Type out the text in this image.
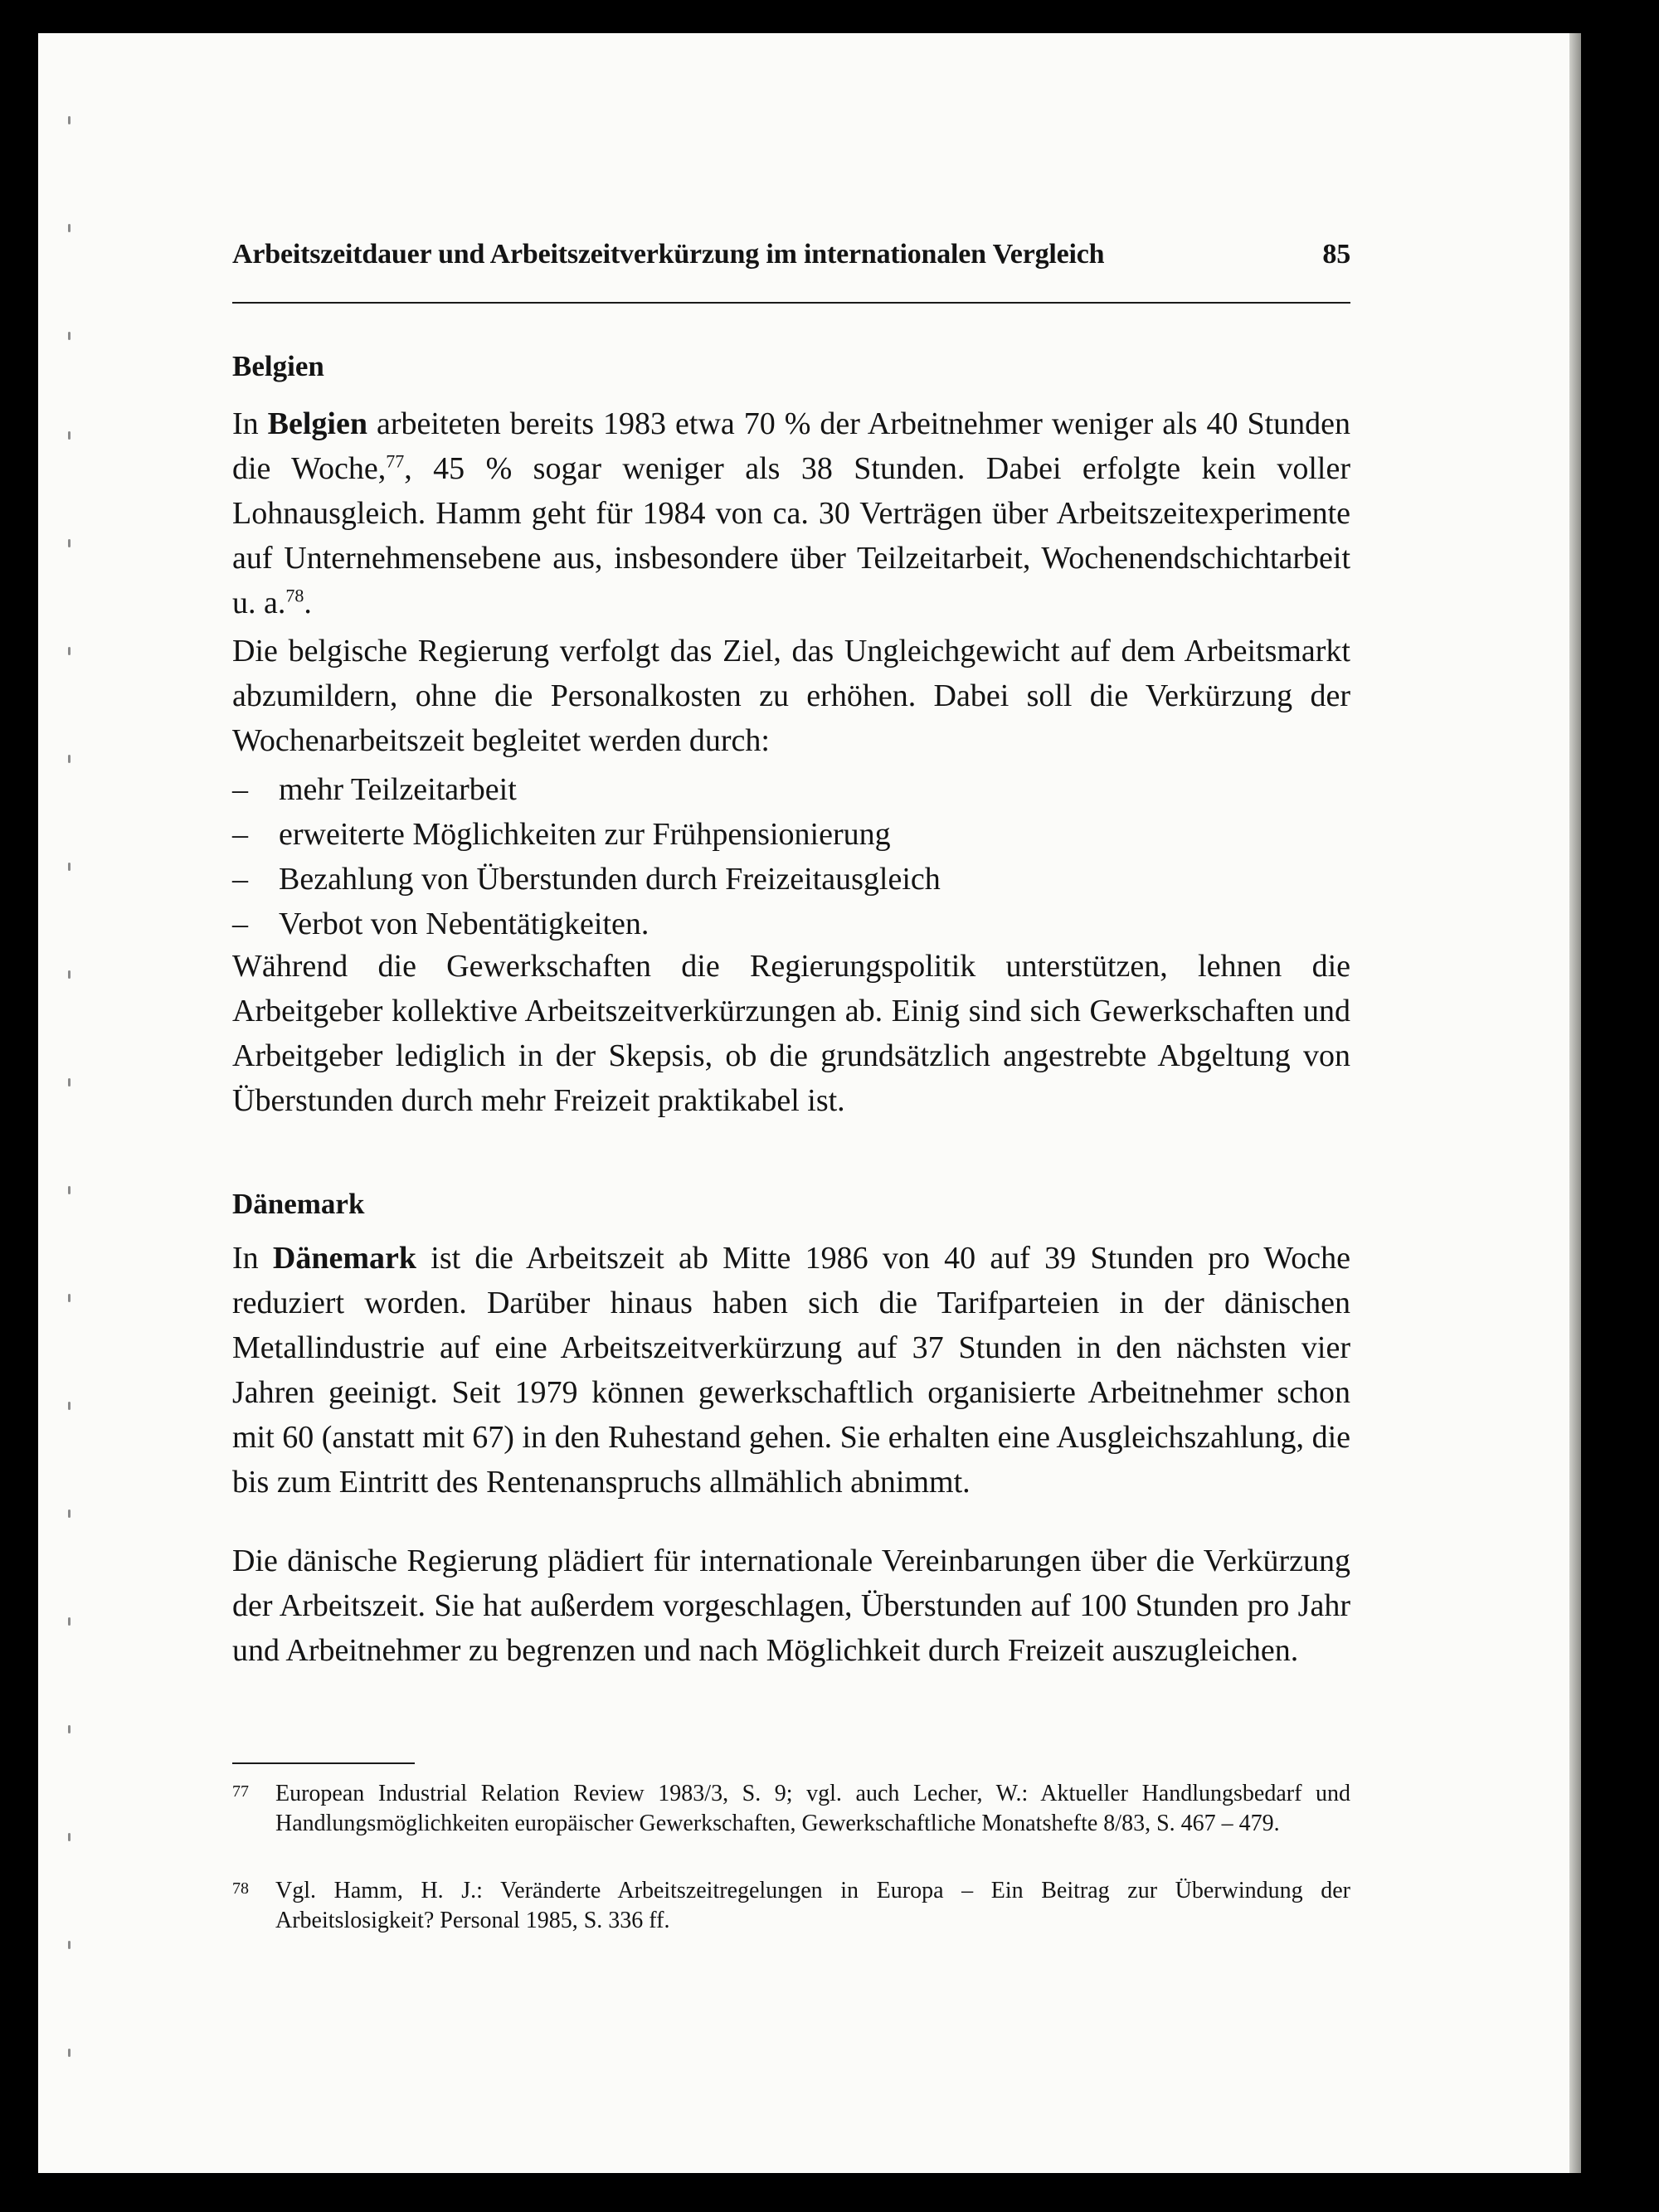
Arbeitszeitdauer und Arbeitszeitverkürzung im internationalen Vergleich	85
Belgien

In Belgien arbeiteten bereits 1983 etwa 70 % der Arbeitnehmer weniger als 40 Stunden die Woche,$^{77}$, 45 % sogar weniger als 38 Stunden. Dabei erfolgte kein voller Lohnausgleich. Hamm geht für 1984 von ca. 30 Verträgen über Arbeitszeitexperimente auf Unternehmensebene aus, insbesondere über Teilzeitarbeit, Wochenendschichtarbeit u. a.$^{78}$.

Die belgische Regierung verfolgt das Ziel, das Ungleichgewicht auf dem Arbeitsmarkt abzumildern, ohne die Personalkosten zu erhöhen. Dabei soll die Verkürzung der Wochenarbeitszeit begleitet werden durch:

– mehr Teilzeitarbeit
– erweiterte Möglichkeiten zur Frühpensionierung
– Bezahlung von Überstunden durch Freizeitausgleich
– Verbot von Nebentätigkeiten.

Während die Gewerkschaften die Regierungspolitik unterstützen, lehnen die Arbeitgeber kollektive Arbeitszeitverkürzungen ab. Einig sind sich Gewerkschaften und Arbeitgeber lediglich in der Skepsis, ob die grundsätzlich angestrebte Abgeltung von Überstunden durch mehr Freizeit praktikabel ist.

Dänemark

In Dänemark ist die Arbeitszeit ab Mitte 1986 von 40 auf 39 Stunden pro Woche reduziert worden. Darüber hinaus haben sich die Tarifparteien in der dänischen Metallindustrie auf eine Arbeitszeitverkürzung auf 37 Stunden in den nächsten vier Jahren geeinigt. Seit 1979 können gewerkschaftlich organisierte Arbeitnehmer schon mit 60 (anstatt mit 67) in den Ruhestand gehen. Sie erhalten eine Ausgleichszahlung, die bis zum Eintritt des Rentenanspruchs allmählich abnimmt.

Die dänische Regierung plädiert für internationale Vereinbarungen über die Verkürzung der Arbeitszeit. Sie hat außerdem vorgeschlagen, Überstunden auf 100 Stunden pro Jahr und Arbeitnehmer zu begrenzen und nach Möglichkeit durch Freizeit auszugleichen.

77	European Industrial Relation Review 1983/3, S. 9; vgl. auch Lecher, W.: Aktueller Handlungsbedarf und Handlungsmöglichkeiten europäischer Gewerkschaften, Gewerkschaftliche Monatshefte 8/83, S. 467 – 479.
78	Vgl. Hamm, H. J.: Veränderte Arbeitszeitregelungen in Europa – Ein Beitrag zur Überwindung der Arbeitslosigkeit? Personal 1985, S. 336 ff.
